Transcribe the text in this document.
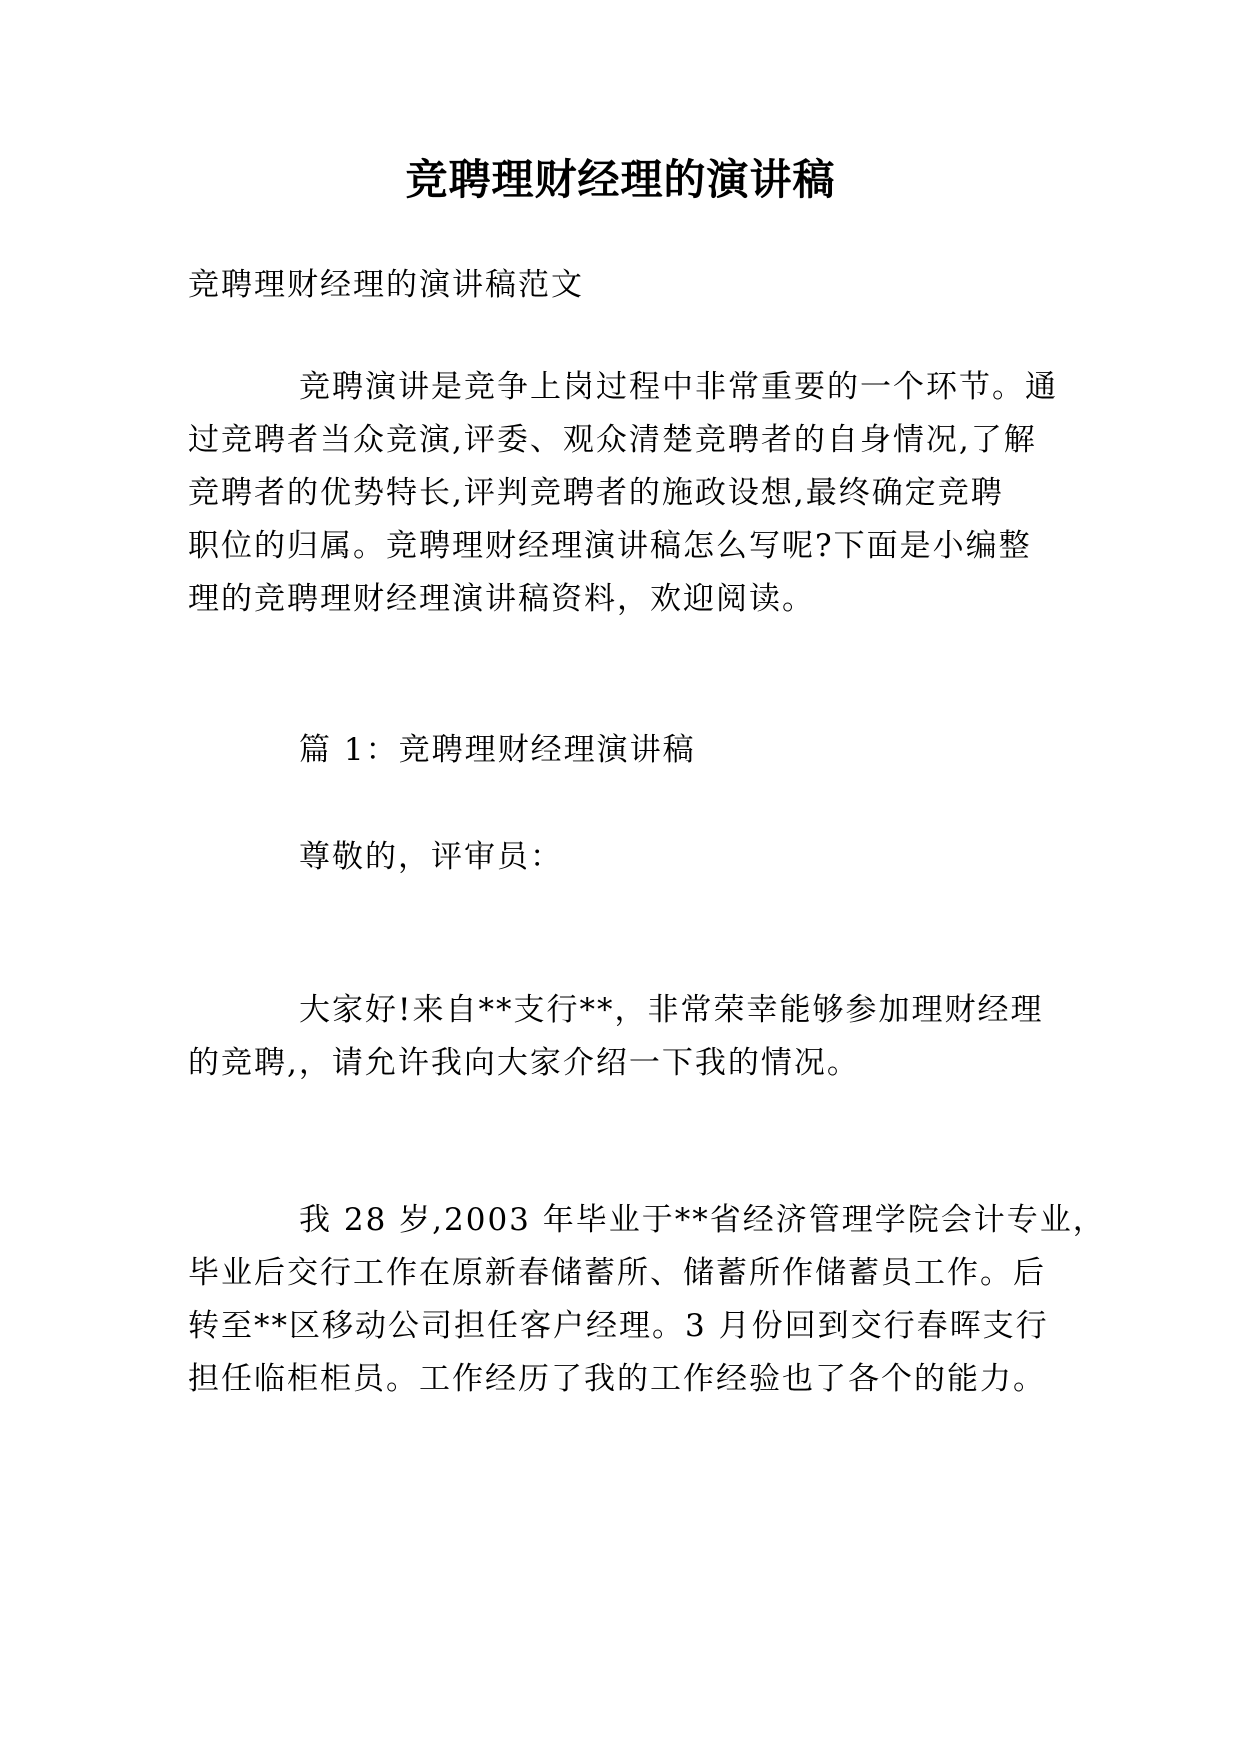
竞聘理财经理的演讲稿
竞聘理财经理的演讲稿范文
竞聘演讲是竞争上岗过程中非常重要的一个环节。通
过竞聘者当众竞演,评委、观众清楚竞聘者的自身情况,了解
竞聘者的优势特长,评判竞聘者的施政设想,最终确定竞聘
职位的归属。竞聘理财经理演讲稿怎么写呢?下面是小编整
理的竞聘理财经理演讲稿资料，欢迎阅读。
篇 1：竞聘理财经理演讲稿
尊敬的，评审员：
大家好!来自**支行**，非常荣幸能够参加理财经理
的竞聘,，请允许我向大家介绍一下我的情况。
我 28 岁,2003 年毕业于**省经济管理学院会计专业，
毕业后交行工作在原新春储蓄所、储蓄所作储蓄员工作。后
转至**区移动公司担任客户经理。3 月份回到交行春晖支行
担任临柜柜员。工作经历了我的工作经验也了各个的能力。
